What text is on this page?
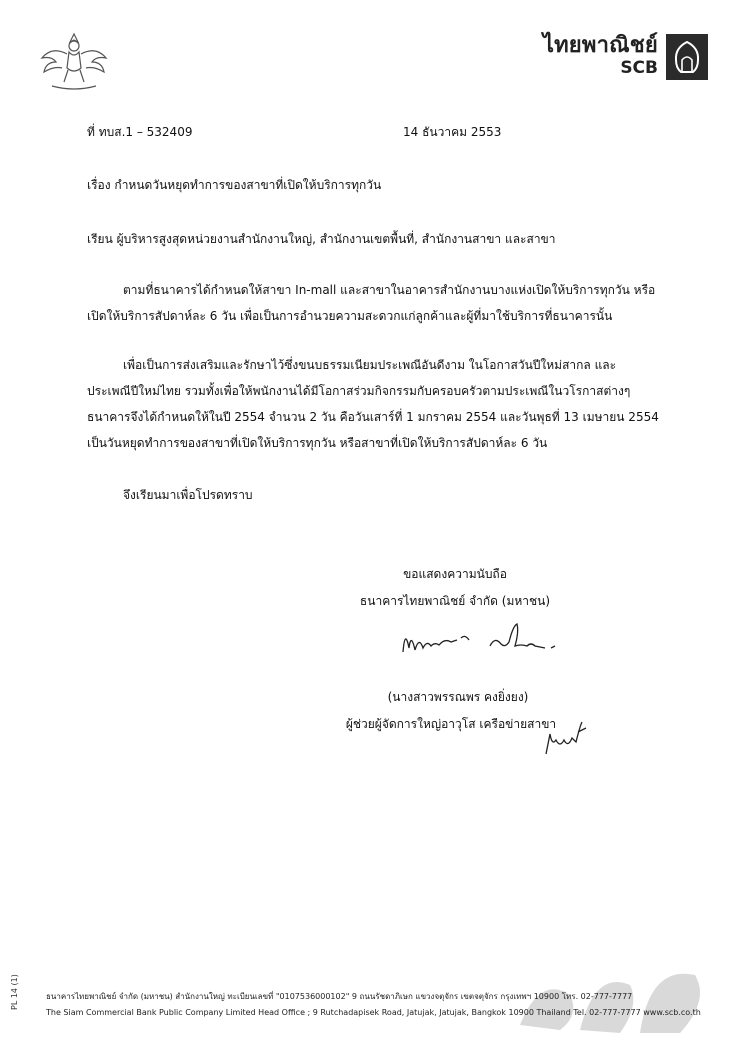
ไทยพาณิชย์
SCB
ที่ ทบส.1 – 532409	14 ธันวาคม 2553
เรื่อง กำหนดวันหยุดทำการของสาขาที่เปิดให้บริการทุกวัน
เรียน ผู้บริหารสูงสุดหน่วยงานสำนักงานใหญ่, สำนักงานเขตพื้นที่, สำนักงานสาขา และสาขา
ตามที่ธนาคารได้กำหนดให้สาขา In-mall และสาขาในอาคารสำนักงานบางแห่งเปิดให้บริการทุกวัน หรือ
เปิดให้บริการสัปดาห์ละ 6 วัน เพื่อเป็นการอำนวยความสะดวกแก่ลูกค้าและผู้ที่มาใช้บริการที่ธนาคารนั้น
เพื่อเป็นการส่งเสริมและรักษาไว้ซึ่งขนบธรรมเนียมประเพณีอันดีงาม ในโอกาสวันปีใหม่สากล และ
ประเพณีปีใหม่ไทย รวมทั้งเพื่อให้พนักงานได้มีโอกาสร่วมกิจกรรมกับครอบครัวตามประเพณีในวโรกาสต่างๆ
ธนาคารจึงได้กำหนดให้ในปี 2554 จำนวน 2 วัน คือวันเสาร์ที่ 1 มกราคม 2554 และวันพุธที่ 13 เมษายน 2554
เป็นวันหยุดทำการของสาขาที่เปิดให้บริการทุกวัน หรือสาขาที่เปิดให้บริการสัปดาห์ละ 6 วัน
จึงเรียนมาเพื่อโปรดทราบ
ขอแสดงความนับถือ
ธนาคารไทยพาณิชย์ จำกัด (มหาชน)
(นางสาวพรรณพร คงยิ่งยง)
ผู้ช่วยผู้จัดการใหญ่อาวุโส เครือข่ายสาขา
PL 14 (1)	ธนาคารไทยพาณิชย์ จำกัด (มหาชน) สำนักงานใหญ่ ทะเบียนเลขที่ "0107536000102" 9 ถนนรัชดาภิเษก แขวงจตุจักร เขตจตุจักร กรุงเทพฯ 10900 โทร. 02-777-7777
The Siam Commercial Bank Public Company Limited Head Office ; 9 Rutchadapisek Road, Jatujak, Jatujak, Bangkok 10900 Thailand Tel. 02-777-7777 www.scb.co.th
